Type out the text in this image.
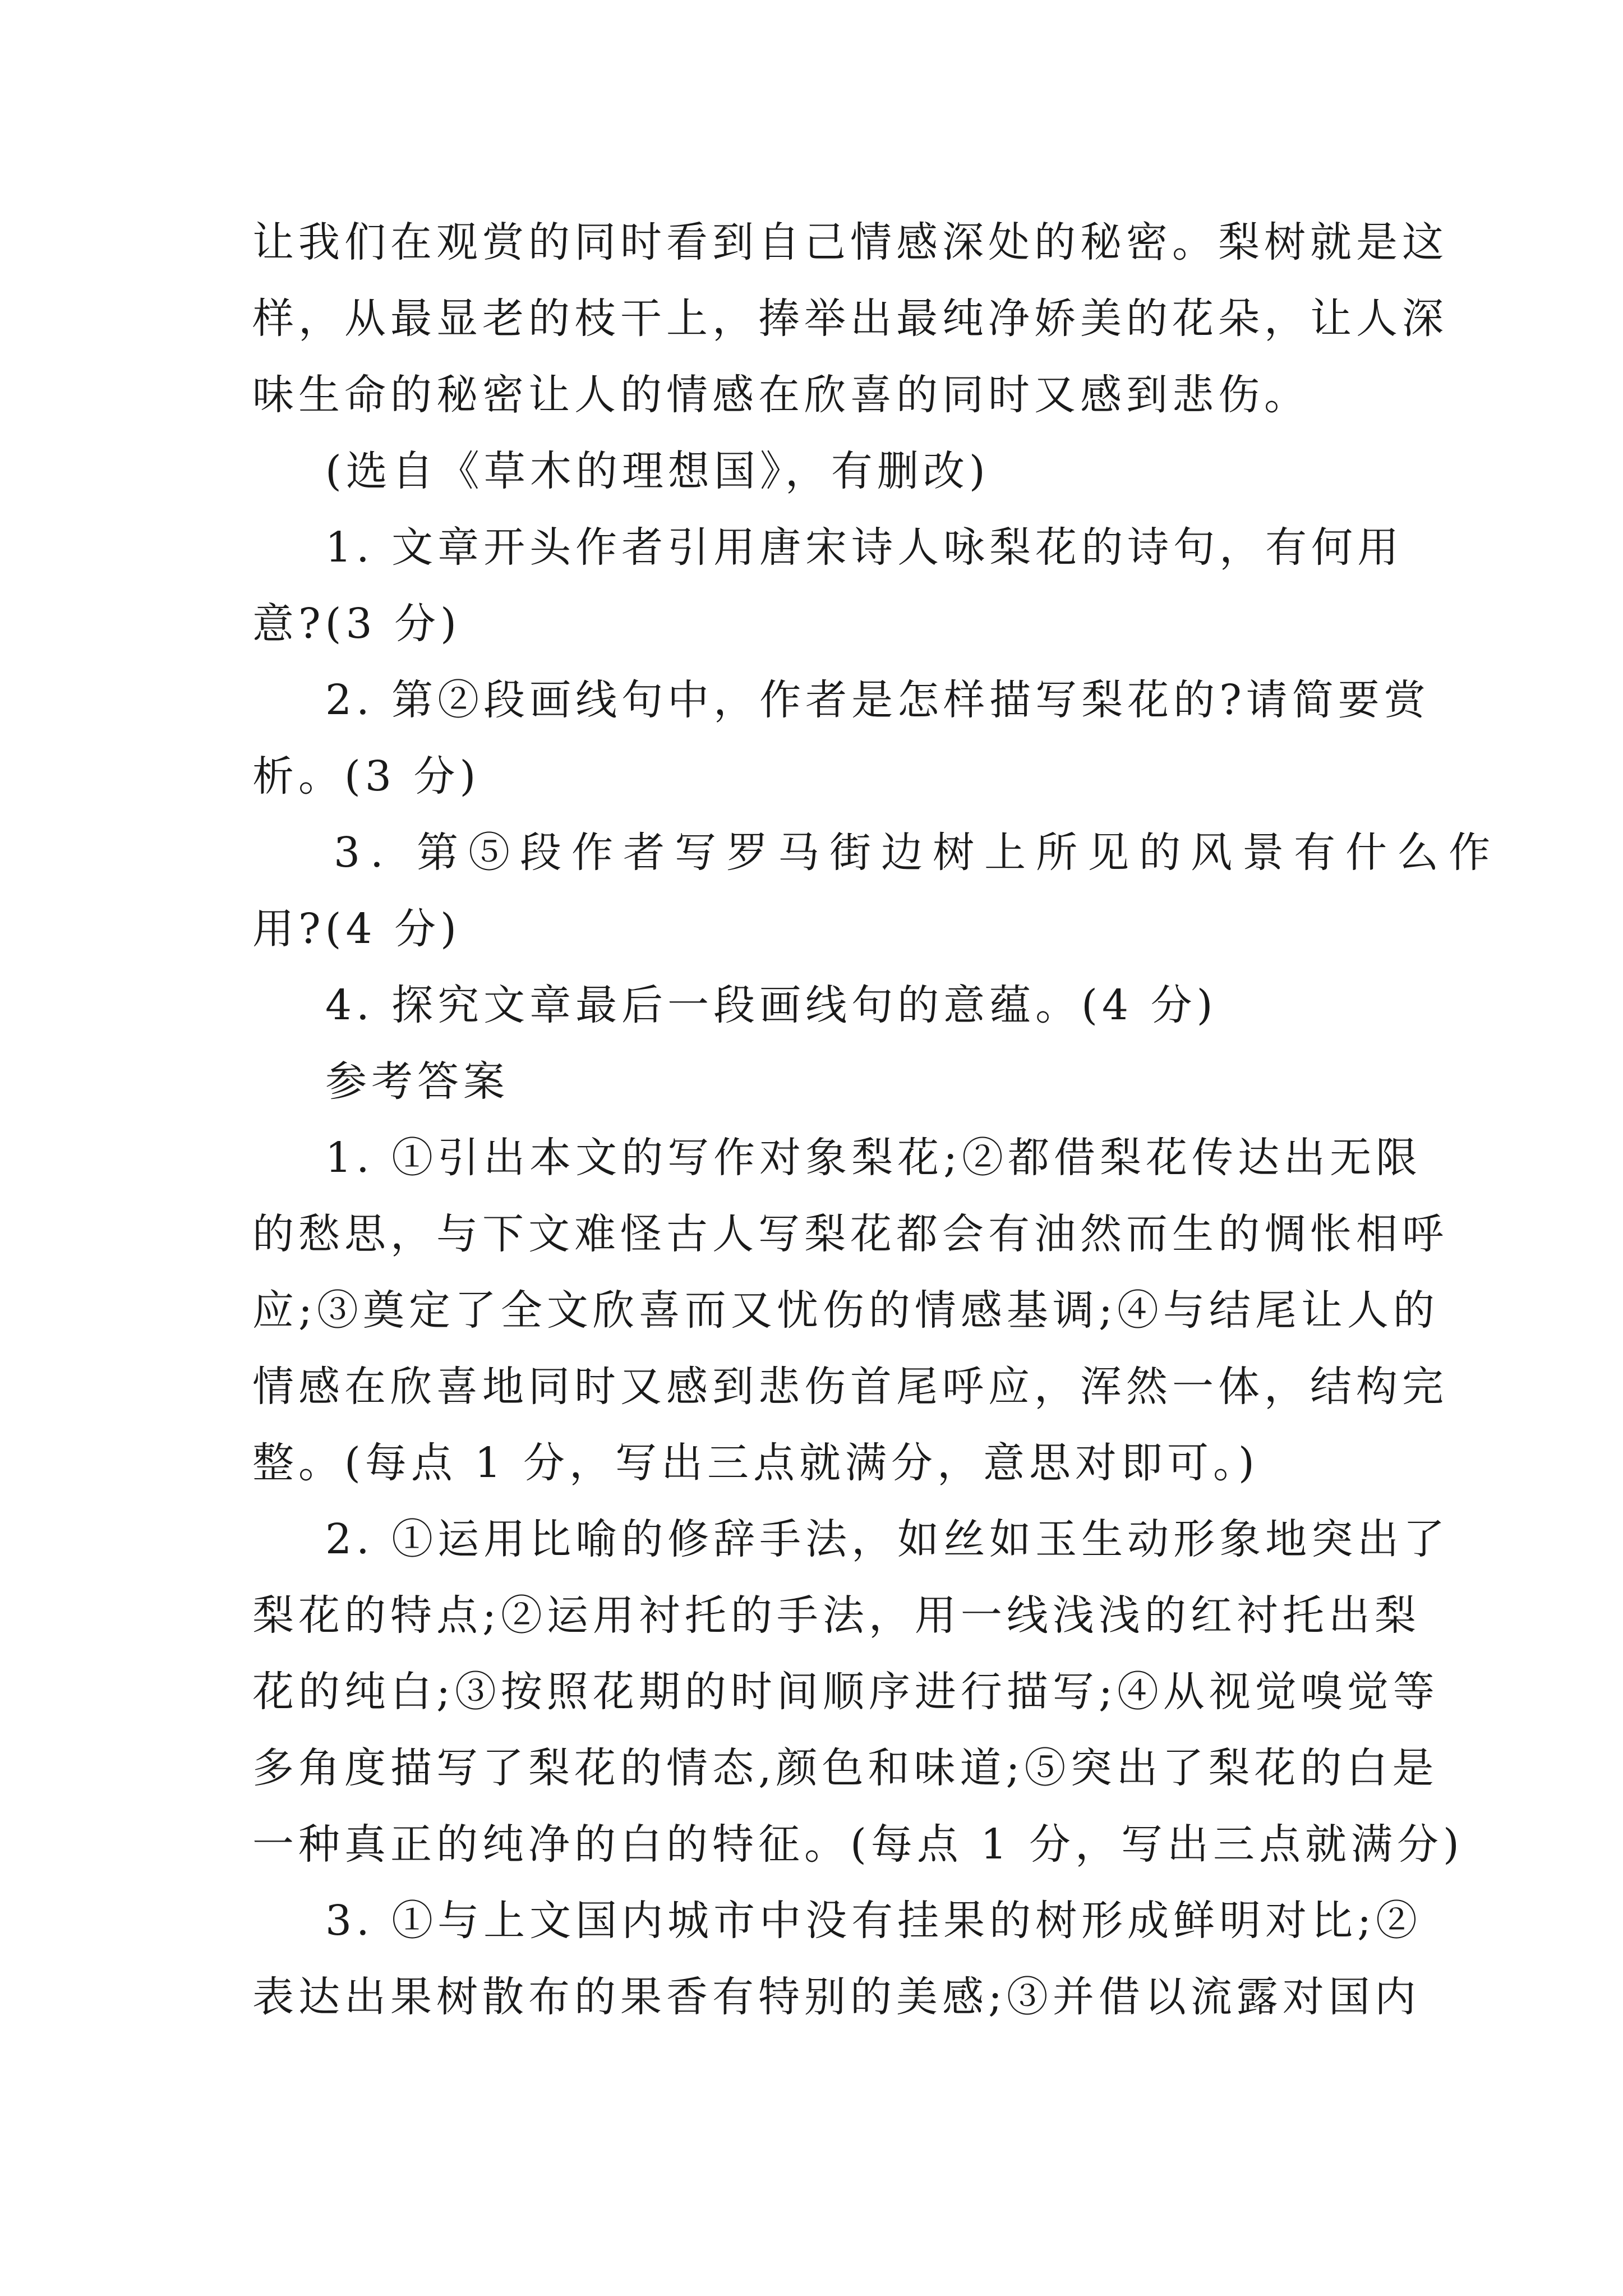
让我们在观赏的同时看到自己情感深处的秘密。梨树就是这
样，从最显老的枝干上，捧举出最纯净娇美的花朵，让人深
味生命的秘密让人的情感在欣喜的同时又感到悲伤。
(选自《草木的理想国》，有删改)
1. 文章开头作者引用唐宋诗人咏梨花的诗句，有何用
意?(3 分)
2. 第②段画线句中，作者是怎样描写梨花的?请简要赏
析。(3 分)
3. 第⑤段作者写罗马街边树上所见的风景有什么作
用?(4 分)
4. 探究文章最后一段画线句的意蕴。(4 分)
参考答案
1. ①引出本文的写作对象梨花;②都借梨花传达出无限
的愁思，与下文难怪古人写梨花都会有油然而生的惆怅相呼
应;③奠定了全文欣喜而又忧伤的情感基调;④与结尾让人的
情感在欣喜地同时又感到悲伤首尾呼应，浑然一体，结构完
整。(每点 1 分，写出三点就满分，意思对即可。)
2. ①运用比喻的修辞手法，如丝如玉生动形象地突出了
梨花的特点;②运用衬托的手法，用一线浅浅的红衬托出梨
花的纯白;③按照花期的时间顺序进行描写;④从视觉嗅觉等
多角度描写了梨花的情态,颜色和味道;⑤突出了梨花的白是
一种真正的纯净的白的特征。(每点 1 分，写出三点就满分)
3. ①与上文国内城市中没有挂果的树形成鲜明对比;②
表达出果树散布的果香有特别的美感;③并借以流露对国内
